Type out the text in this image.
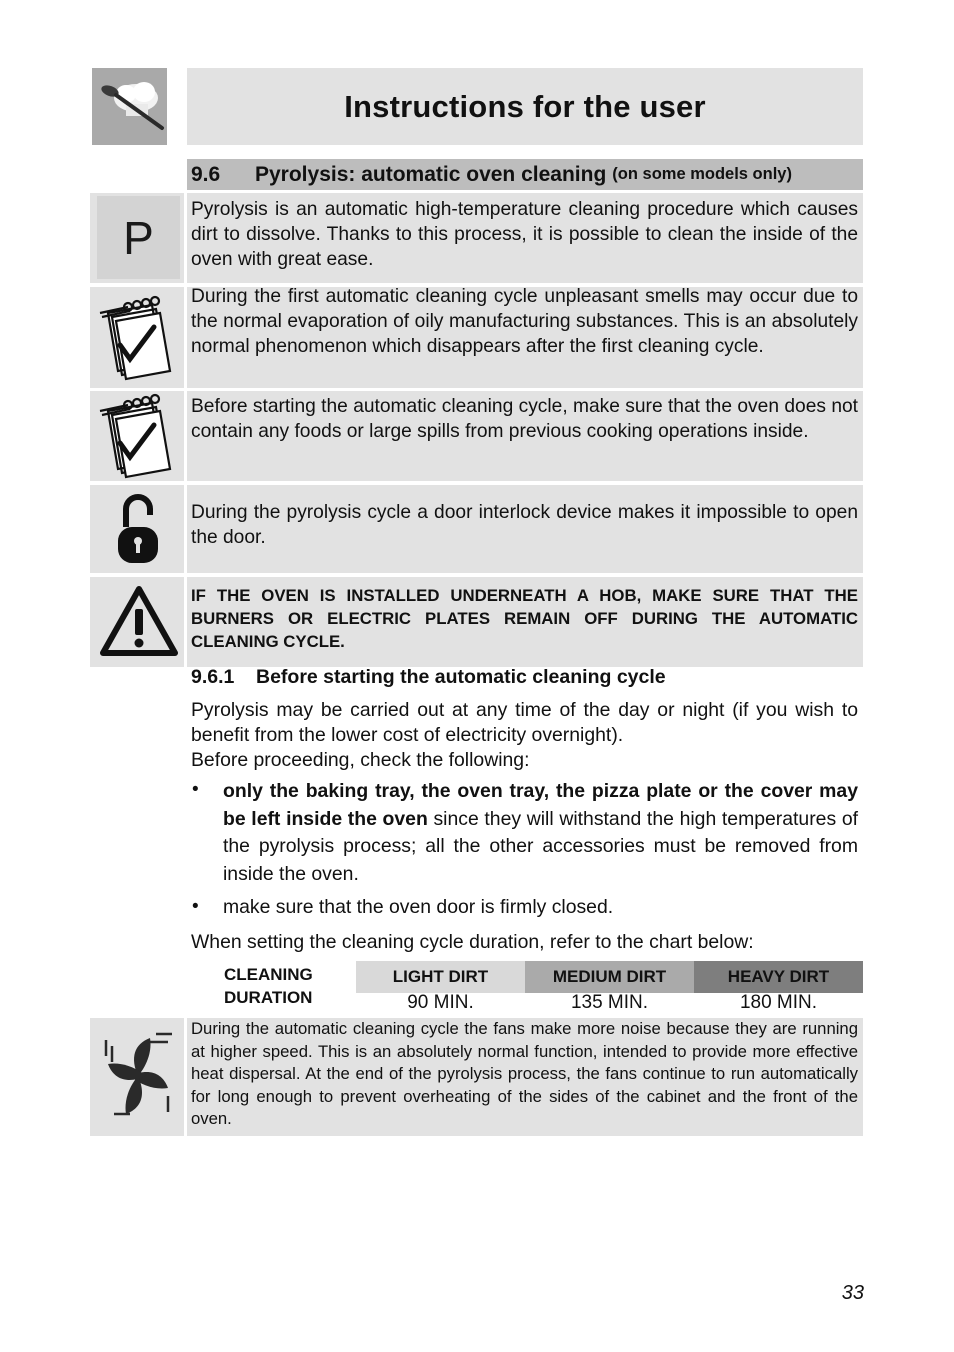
Instructions for the user
9.6	Pyrolysis: automatic oven cleaning (on some models only)
P

Pyrolysis is an automatic high-temperature cleaning procedure which causes dirt to dissolve. Thanks to this process, it is possible to clean the inside of the oven with great ease.

During the first automatic cleaning cycle unpleasant smells may occur due to the normal evaporation of oily manufacturing substances. This is an absolutely normal phenomenon which disappears after the first cleaning cycle.

Before starting the automatic cleaning cycle, make sure that the oven does not contain any foods or large spills from previous cooking operations inside.

During the pyrolysis cycle a door interlock device makes it impossible to open the door.

IF THE OVEN IS INSTALLED UNDERNEATH A HOB, MAKE SURE THAT THE BURNERS OR ELECTRIC PLATES REMAIN OFF DURING THE AUTOMATIC CLEANING CYCLE.

9.6.1 Before starting the automatic cleaning cycle
Pyrolysis may be carried out at any time of the day or night (if you wish to benefit from the lower cost of electricity overnight).
Before proceeding, check the following:
• only the baking tray, the oven tray, the pizza plate or the cover may be left inside the oven since they will withstand the high temperatures of the pyrolysis process; all the other accessories must be removed from inside the oven.
• make sure that the oven door is firmly closed.
When setting the cleaning cycle duration, refer to the chart below:
CLEANING
DURATION
LIGHT DIRT	MEDIUM DIRT	HEAVY DIRT
90 MIN.	135 MIN.	180 MIN.

During the automatic cleaning cycle the fans make more noise because they are running at higher speed. This is an absolutely normal function, intended to provide more effective heat dispersal. At the end of the pyrolysis process, the fans continue to run automatically for long enough to prevent overheating of the sides of the cabinet and the front of the oven.

33
